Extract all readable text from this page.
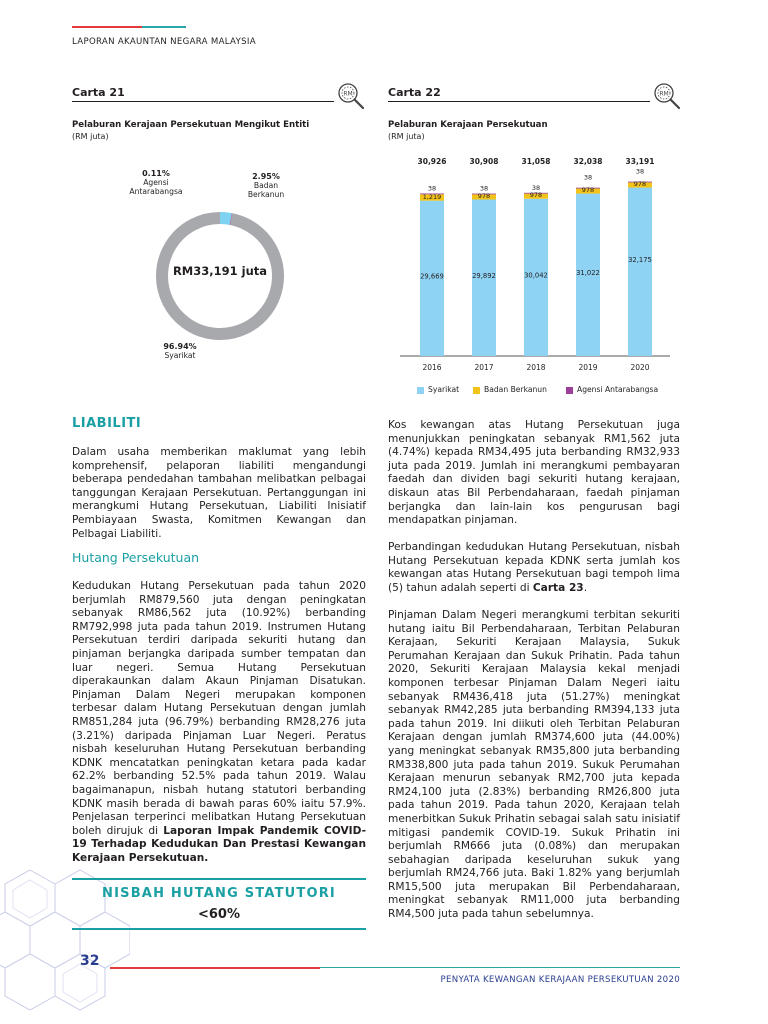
LAPORAN AKAUNTAN NEGARA MALAYSIA
Carta 21	RM
Pelaburan Kerajaan Persekutuan Mengikut Entiti
(RM juta)
RM33,191 juta
0.11%
Agensi
Antarabangsa
2.95%
Badan
Berkanun
96.94%
Syarikat
Carta 22	RM
Pelaburan Kerajaan Persekutuan
(RM juta)
29,669
1,219
38
30,926
2016
29,892
978
38
30,908
2017
30,042
978
38
31,058
2018
31,022
978
38
32,038
2019
32,175
978
38
33,191
2020
Syarikat	Badan Berkanun	Agensi Antarabangsa
LIABILITI
Dalam usaha memberikan maklumat yang lebih komprehensif, pelaporan liabiliti mengandungi beberapa pendedahan tambahan melibatkan pelbagai tanggungan Kerajaan Persekutuan. Pertanggungan ini merangkumi Hutang Persekutuan, Liabiliti Inisiatif Pembiayaan Swasta, Komitmen Kewangan dan Pelbagai Liabiliti.
Hutang Persekutuan
Kedudukan Hutang Persekutuan pada tahun 2020 berjumlah RM879,560 juta dengan peningkatan sebanyak RM86,562 juta (10.92%) berbanding RM792,998 juta pada tahun 2019. Instrumen Hutang Persekutuan terdiri daripada sekuriti hutang dan pinjaman berjangka daripada sumber tempatan dan luar negeri. Semua Hutang Persekutuan diperakaunkan dalam Akaun Pinjaman Disatukan. Pinjaman Dalam Negeri merupakan komponen terbesar dalam Hutang Persekutuan dengan jumlah RM851,284 juta (96.79%) berbanding RM28,276 juta (3.21%) daripada Pinjaman Luar Negeri. Peratus nisbah keseluruhan Hutang Persekutuan berbanding KDNK mencatatkan peningkatan ketara pada kadar 62.2% berbanding 52.5% pada tahun 2019. Walau bagaimanapun, nisbah hutang statutori berbanding KDNK masih berada di bawah paras 60% iaitu 57.9%. Penjelasan terperinci melibatkan Hutang Persekutuan boleh dirujuk di Laporan Impak Pandemik COVID-19 Terhadap Kedudukan Dan Prestasi Kewangan Kerajaan Persekutuan.
NISBAH HUTANG STATUTORI
<60%
Kos kewangan atas Hutang Persekutuan juga menunjukkan peningkatan sebanyak RM1,562 juta (4.74%) kepada RM34,495 juta berbanding RM32,933 juta pada 2019. Jumlah ini merangkumi pembayaran faedah dan dividen bagi sekuriti hutang kerajaan, diskaun atas Bil Perbendaharaan, faedah pinjaman berjangka dan lain-lain kos pengurusan bagi mendapatkan pinjaman.
Perbandingan kedudukan Hutang Persekutuan, nisbah Hutang Persekutuan kepada KDNK serta jumlah kos kewangan atas Hutang Persekutuan bagi tempoh lima (5) tahun adalah seperti di Carta 23.
Pinjaman Dalam Negeri merangkumi terbitan sekuriti hutang iaitu Bil Perbendaharaan, Terbitan Pelaburan Kerajaan, Sekuriti Kerajaan Malaysia, Sukuk Perumahan Kerajaan dan Sukuk Prihatin. Pada tahun 2020, Sekuriti Kerajaan Malaysia kekal menjadi komponen terbesar Pinjaman Dalam Negeri iaitu sebanyak RM436,418 juta (51.27%) meningkat sebanyak RM42,285 juta berbanding RM394,133 juta pada tahun 2019. Ini diikuti oleh Terbitan Pelaburan Kerajaan dengan jumlah RM374,600 juta (44.00%) yang meningkat sebanyak RM35,800 juta berbanding RM338,800 juta pada tahun 2019. Sukuk Perumahan Kerajaan menurun sebanyak RM2,700 juta kepada RM24,100 juta (2.83%) berbanding RM26,800 juta pada tahun 2019. Pada tahun 2020, Kerajaan telah menerbitkan Sukuk Prihatin sebagai salah satu inisiatif mitigasi pandemik COVID-19. Sukuk Prihatin ini berjumlah RM666 juta (0.08%) dan merupakan sebahagian daripada keseluruhan sukuk yang berjumlah RM24,766 juta. Baki 1.82% yang berjumlah RM15,500 juta merupakan Bil Perbendaharaan, meningkat sebanyak RM11,000 juta berbanding RM4,500 juta pada tahun sebelumnya.
32
PENYATA KEWANGAN KERAJAAN PERSEKUTUAN 2020
